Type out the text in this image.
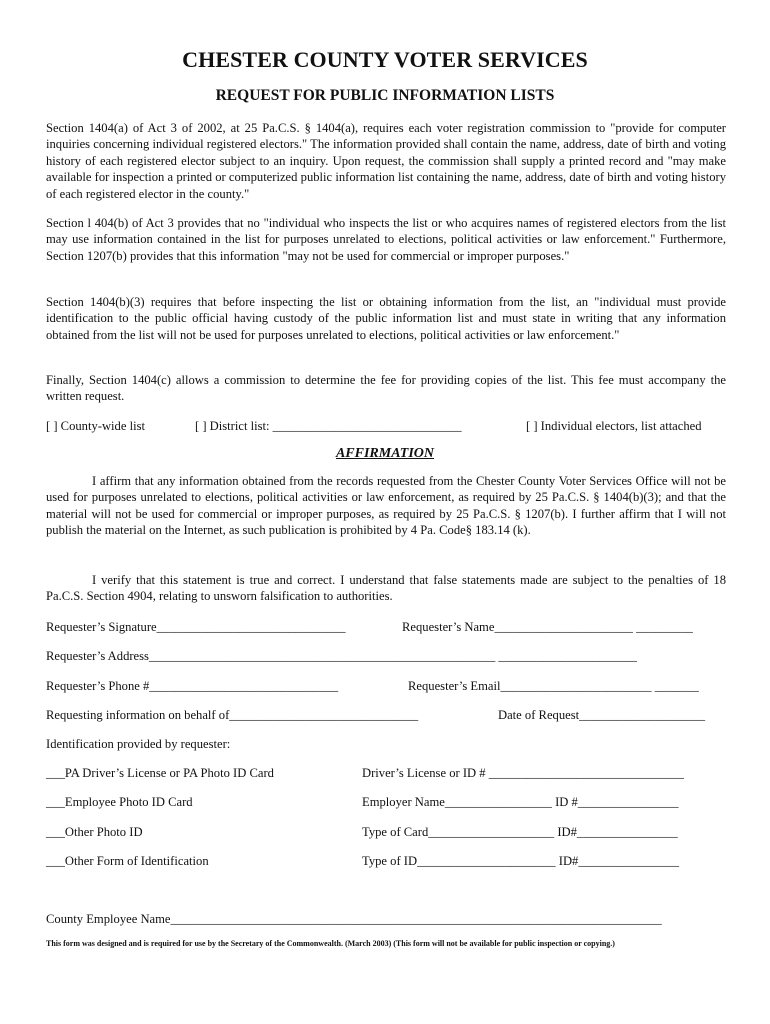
CHESTER COUNTY VOTER SERVICES
REQUEST FOR PUBLIC INFORMATION LISTS

Section 1404(a) of Act 3 of 2002, at 25 Pa.C.S. § 1404(a), requires each voter registration commission to "provide for computer inquiries concerning individual registered electors." The information provided shall contain the name, address, date of birth and voting history of each registered elector subject to an inquiry. Upon request, the commission shall supply a printed record and "may make available for inspection a printed or computerized public information list containing the name, address, date of birth and voting history of each registered elector in the county."

Section l 404(b) of Act 3 provides that no "individual who inspects the list or who acquires names of registered electors from the list may use information contained in the list for purposes unrelated to elections, political activities or law enforcement." Furthermore, Section 1207(b) provides that this information "may not be used for commercial or improper purposes."

Section 1404(b)(3) requires that before inspecting the list or obtaining information from the list, an "individual must provide identification to the public official having custody of the public information list and must state in writing that any information obtained from the list will not be used for purposes unrelated to elections, political activities or law enforcement."

Finally, Section 1404(c) allows a commission to determine the fee for providing copies of the list. This fee must accompany the written request.

[ ] County-wide list	[ ] District list: ______________________________	[ ] Individual electors, list attached
AFFIRMATION

I affirm that any information obtained from the records requested from the Chester County Voter Services Office will not be used for purposes unrelated to elections, political activities or law enforcement, as required by 25 Pa.C.S. § 1404(b)(3); and that the material will not be used for commercial or improper purposes, as required by 25 Pa.C.S. § 1207(b). I further affirm that I will not publish the material on the Internet, as such publication is prohibited by 4 Pa. Code§ 183.14 (k).

I verify that this statement is true and correct. I understand that false statements made are subject to the penalties of 18 Pa.C.S. Section 4904, relating to unsworn falsification to authorities.

Requester’s Signature______________________________	Requester’s Name______________________ _________
Requester’s Address_______________________________________________________ ______________________
Requester’s Phone #______________________________	Requester’s Email________________________ _______
Requesting information on behalf of______________________________	Date of Request____________________
Identification provided by requester:
___PA Driver’s License or PA Photo ID Card	Driver’s License or ID # _______________________________
___Employee Photo ID Card	Employer Name_________________ ID #________________
___Other Photo ID	Type of Card____________________ ID#________________
___Other Form of Identification	Type of ID______________________ ID#________________
County Employee Name______________________________________________________________________________
This form was designed and is required for use by the Secretary of the Commonwealth. (March 2003) (This form will not be available for public inspection or copying.)
